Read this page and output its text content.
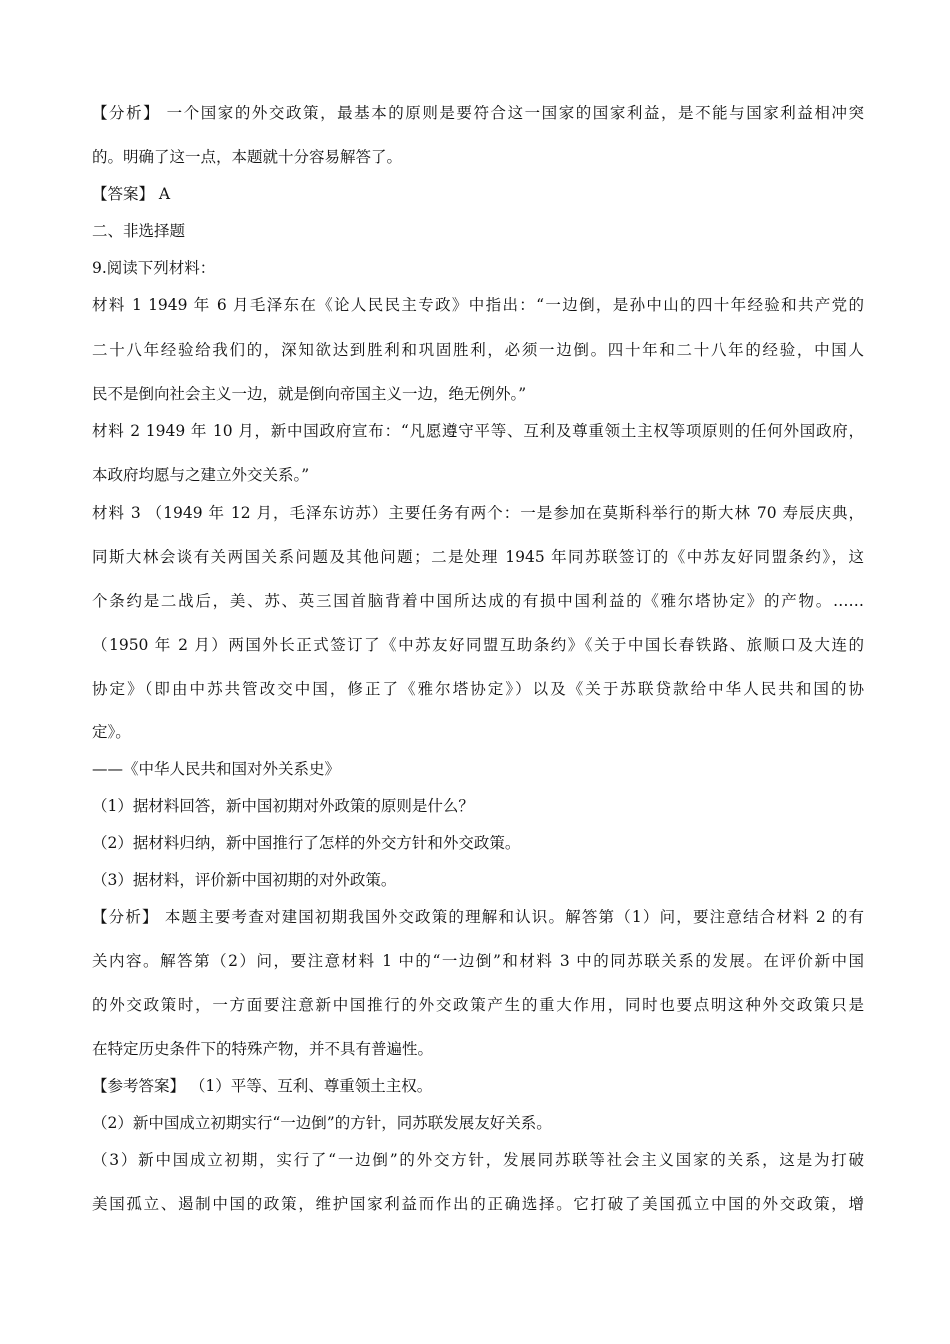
【分析】 一个国家的外交政策，最基本的原则是要符合这一国家的国家利益，是不能与国家利益相冲突
的。明确了这一点，本题就十分容易解答了。
【答案】 A
二、非选择题
9.阅读下列材料：
材料 1 1949 年 6 月毛泽东在《论人民民主专政》中指出：“一边倒，是孙中山的四十年经验和共产党的
二十八年经验给我们的，深知欲达到胜利和巩固胜利，必须一边倒。四十年和二十八年的经验，中国人
民不是倒向社会主义一边，就是倒向帝国主义一边，绝无例外。”
材料 2 1949 年 10 月，新中国政府宣布：“凡愿遵守平等、互利及尊重领土主权等项原则的任何外国政府，
本政府均愿与之建立外交关系。”
材料 3 （1949 年 12 月，毛泽东访苏）主要任务有两个：一是参加在莫斯科举行的斯大林 70 寿辰庆典，
同斯大林会谈有关两国关系问题及其他问题；二是处理 1945 年同苏联签订的《中苏友好同盟条约》，这
个条约是二战后，美、苏、英三国首脑背着中国所达成的有损中国利益的《雅尔塔协定》的产物。……
（1950 年 2 月）两国外长正式签订了《中苏友好同盟互助条约》《关于中国长春铁路、旅顺口及大连的
协定》（即由中苏共管改交中国，修正了《雅尔塔协定》）以及《关于苏联贷款给中华人民共和国的协
定》。
——《中华人民共和国对外关系史》
（1）据材料回答，新中国初期对外政策的原则是什么？
（2）据材料归纳，新中国推行了怎样的外交方针和外交政策。
（3）据材料，评价新中国初期的对外政策。
【分析】 本题主要考查对建国初期我国外交政策的理解和认识。解答第（1）问，要注意结合材料 2 的有
关内容。解答第（2）问，要注意材料 1 中的“一边倒”和材料 3 中的同苏联关系的发展。在评价新中国
的外交政策时，一方面要注意新中国推行的外交政策产生的重大作用，同时也要点明这种外交政策只是
在特定历史条件下的特殊产物，并不具有普遍性。
【参考答案】 （1）平等、互利、尊重领土主权。
（2）新中国成立初期实行“一边倒”的方针，同苏联发展友好关系。
（3）新中国成立初期，实行了“一边倒”的外交方针，发展同苏联等社会主义国家的关系，这是为打破
美国孤立、遏制中国的政策，维护国家利益而作出的正确选择。它打破了美国孤立中国的外交政策，增
